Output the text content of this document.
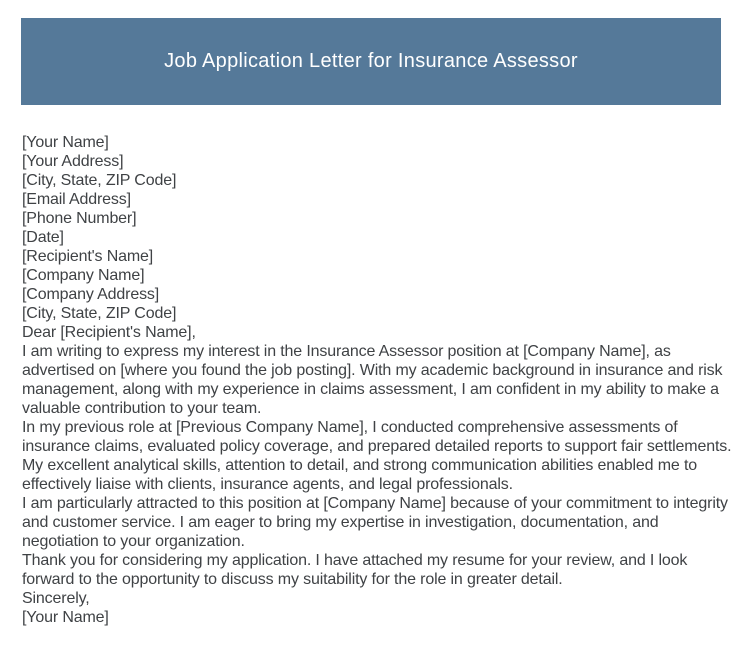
Job Application Letter for Insurance Assessor
[Your Name]
[Your Address]
[City, State, ZIP Code]
[Email Address]
[Phone Number]
[Date]
[Recipient's Name]
[Company Name]
[Company Address]
[City, State, ZIP Code]
Dear [Recipient's Name],

I am writing to express my interest in the Insurance Assessor position at [Company Name], as advertised on [where you found the job posting]. With my academic background in insurance and risk management, along with my experience in claims assessment, I am confident in my ability to make a valuable contribution to your team.

In my previous role at [Previous Company Name], I conducted comprehensive assessments of insurance claims, evaluated policy coverage, and prepared detailed reports to support fair settlements. My excellent analytical skills, attention to detail, and strong communication abilities enabled me to effectively liaise with clients, insurance agents, and legal professionals.

I am particularly attracted to this position at [Company Name] because of your commitment to integrity and customer service. I am eager to bring my expertise in investigation, documentation, and negotiation to your organization.

Thank you for considering my application. I have attached my resume for your review, and I look forward to the opportunity to discuss my suitability for the role in greater detail.

Sincerely,
[Your Name]
